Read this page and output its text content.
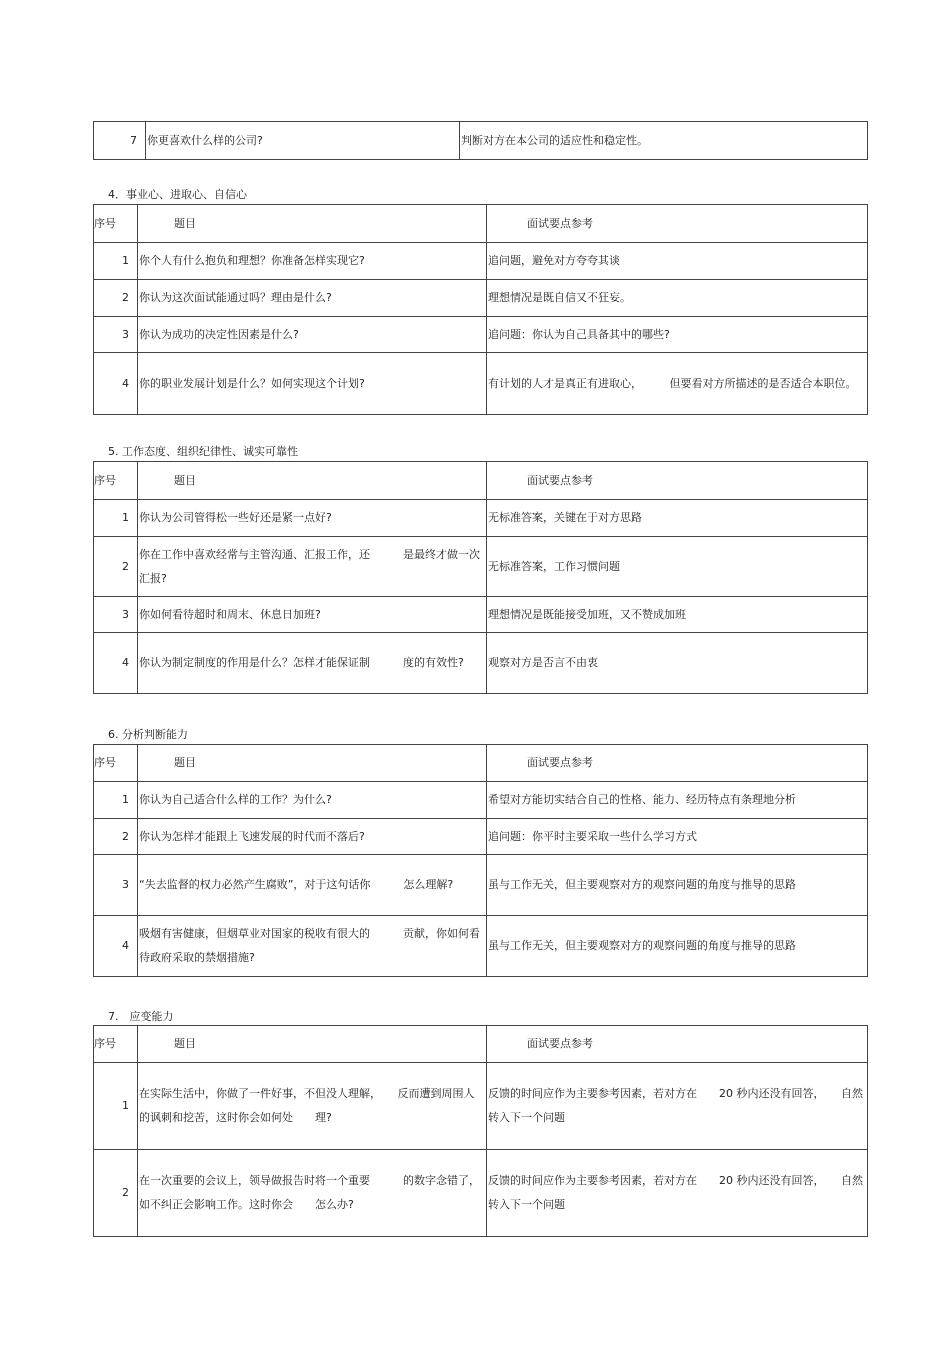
7	你更喜欢什么样的公司?	判断对方在本公司的适应性和稳定性。
4．事业心、进取心、自信心
序号	题目	面试要点参考
1	你个人有什么抱负和理想？你准备怎样实现它?	追问题，避免对方夸夸其谈
2	你认为这次面试能通过吗？理由是什么?	理想情况是既自信又不狂妄。
3	你认为成功的决定性因素是什么?	追问题：你认为自己具备其中的哪些?
4	你的职业发展计划是什么？如何实现这个计划?	有计划的人才是真正有进取心，　　　但要看对方所描述的是否适合本职位。
5. 工作态度、组织纪律性、诚实可靠性
序号	题目	面试要点参考
1	你认为公司管得松一些好还是紧一点好?	无标准答案，关键在于对方思路
2	你在工作中喜欢经常与主管沟通、汇报工作，还　　　是最终才做一次汇报?	无标准答案，工作习惯问题
3	你如何看待超时和周末、休息日加班?	理想情况是既能接受加班，又不赞成加班
4	你认为制定制度的作用是什么？怎样才能保证制　　　度的有效性?	观察对方是否言不由衷
6. 分析判断能力
序号	题目	面试要点参考
1	你认为自己适合什么样的工作？为什么?	希望对方能切实结合自己的性格、能力、经历特点有条理地分析
2	你认为怎样才能跟上飞速发展的时代而不落后?	追问题：你平时主要采取一些什么学习方式
3	“失去监督的权力必然产生腐败”，对于这句话你　　　怎么理解?	虽与工作无关，但主要观察对方的观察问题的角度与推导的思路
4	吸烟有害健康，但烟草业对国家的税收有很大的　　　贡献，你如何看待政府采取的禁烟措施?	虽与工作无关，但主要观察对方的观察问题的角度与推导的思路
7.　应变能力
序号	题目	面试要点参考
1	在实际生活中，你做了一件好事，不但没人理解，　　反而遭到周围人的讽刺和挖苦，这时你会如何处　　理?	反馈的时间应作为主要参考因素，若对方在　　20 秒内还没有回答，　　自然转入下一个问题
2	在一次重要的会议上，领导做报告时将一个重要　　　的数字念错了，如不纠正会影响工作。这时你会　　怎么办?	反馈的时间应作为主要参考因素，若对方在　　20 秒内还没有回答，　　自然转入下一个问题
